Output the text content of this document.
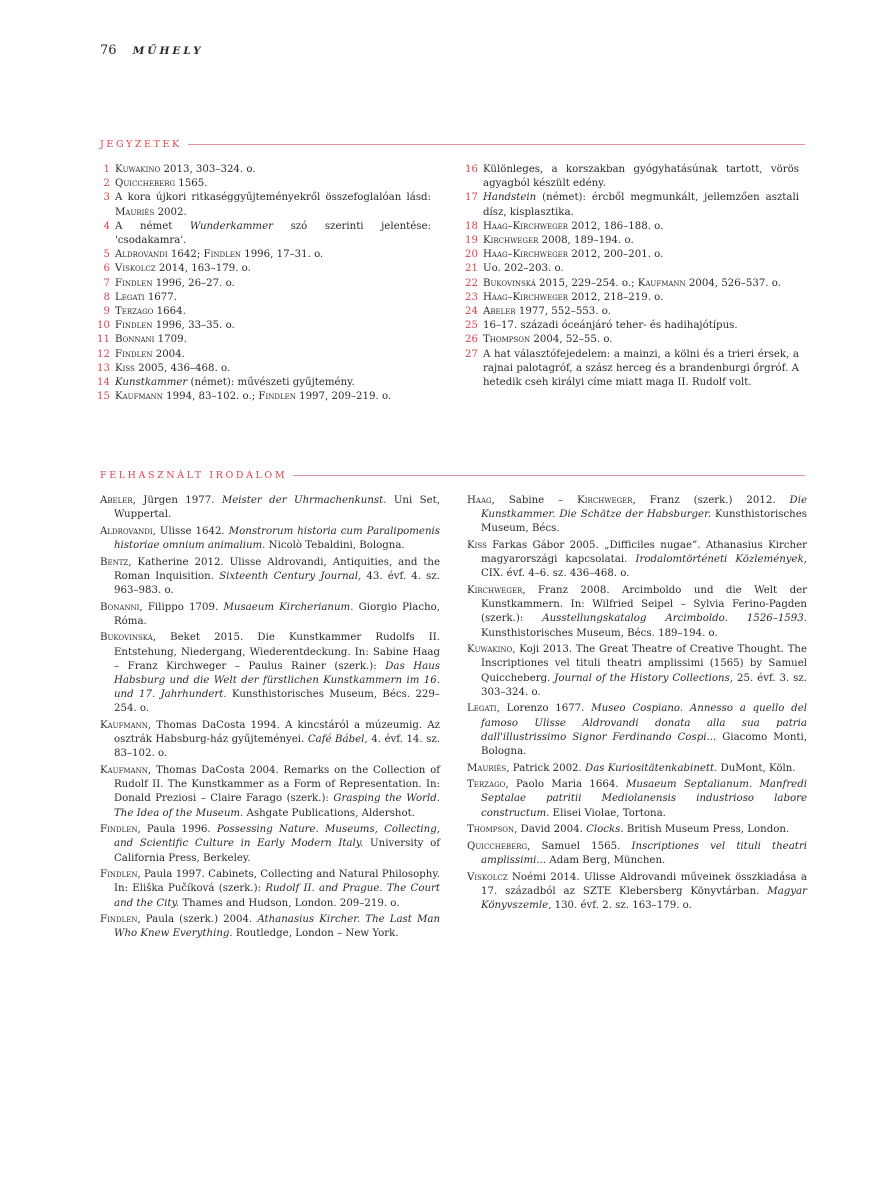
76 MŰHELY
JEGYZETEK
1 Kuwakino 2013, 303–324. o.
2 Quiccheberg 1565.
3 A kora újkori ritkaséggyűjteményekről összefoglalóan lásd: Mauriès 2002.
4 A német Wunderkammer szó szerinti jelentése: 'csodakamra'.
5 Aldrovandi 1642; Findlen 1996, 17–31. o.
6 Viskolcz 2014, 163–179. o.
7 Findlen 1996, 26–27. o.
8 Legati 1677.
9 Terzago 1664.
10 Findlen 1996, 33–35. o.
11 Bonnani 1709.
12 Findlen 2004.
13 Kiss 2005, 436–468. o.
14 Kunstkammer (német): művészeti gyűjtemény.
15 Kaufmann 1994, 83–102. o.; Findlen 1997, 209–219. o.
16 Különleges, a korszakban gyógyhatásúnak tartott, vörös agyagból készült edény.
17 Handstein (német): ércből megmunkált, jellemzően asztali dísz, kisplasztika.
18 Haag–Kirchweger 2012, 186–188. o.
19 Kirchweger 2008, 189–194. o.
20 Haag–Kirchweger 2012, 200–201. o.
21 Uo. 202–203. o.
22 Bukovinská 2015, 229–254. o.; Kaufmann 2004, 526–537. o.
23 Haag–Kirchweger 2012, 218–219. o.
24 Abeler 1977, 552–553. o.
25 16–17. századi óceánjáró teher- és hadihajótípus.
26 Thompson 2004, 52–55. o.
27 A hat választófejedelem: a mainzi, a kölni és a trieri érsek, a rajnai palotagróf, a szász herceg és a brandenburgi őrgróf. A hetedik cseh királyi címe miatt maga II. Rudolf volt.
FELHASZNÁLT IRODALOM
Abeler, Jürgen 1977. Meister der Uhrmachenkunst. Uni Set, Wuppertal.
Aldrovandi, Ulisse 1642. Monstrorum historia cum Paralipomenis historiae omnium animalium. Nicolò Tebaldini, Bologna.
Bentz, Katherine 2012. Ulisse Aldrovandi, Antiquities, and the Roman Inquisition. Sixteenth Century Journal, 43. évf. 4. sz. 963–983. o.
Bonanni, Filippo 1709. Musaeum Kircherianum. Giorgio Placho, Róma.
Bukovinská, Beket 2015. Die Kunstkammer Rudolfs II. Entstehung, Niedergang, Wiederentdeckung. In: Sabine Haag – Franz Kirchweger – Paulus Rainer (szerk.): Das Haus Habsburg und die Welt der fürstlichen Kunstkammern im 16. und 17. Jahrhundert. Kunsthistorisches Museum, Bécs. 229–254. o.
Kaufmann, Thomas DaCosta 1994. A kincstáról a múzeumig. Az osztrák Habsburg-ház gyűjteményei. Café Bábel, 4. évf. 14. sz. 83–102. o.
Kaufmann, Thomas DaCosta 2004. Remarks on the Collection of Rudolf II. The Kunstkammer as a Form of Representation. In: Donald Preziosi – Claire Farago (szerk.): Grasping the World. The Idea of the Museum. Ashgate Publications, Aldershot.
Findlen, Paula 1996. Possessing Nature. Museums, Collecting, and Scientific Culture in Early Modern Italy. University of California Press, Berkeley.
Findlen, Paula 1997. Cabinets, Collecting and Natural Philosophy. In: Eliška Pučíková (szerk.): Rudolf II. and Prague. The Court and the City. Thames and Hudson, London. 209–219. o.
Findlen, Paula (szerk.) 2004. Athanasius Kircher. The Last Man Who Knew Everything. Routledge, London – New York.
Haag, Sabine – Kirchweger, Franz (szerk.) 2012. Die Kunstkammer. Die Schätze der Habsburger. Kunsthistorisches Museum, Bécs.
Kiss Farkas Gábor 2005. „Difficiles nugae”. Athanasius Kircher magyarországi kapcsolatai. Irodalomtörténeti Közlemények, CIX. évf. 4–6. sz. 436–468. o.
Kirchweger, Franz 2008. Arcimboldo und die Welt der Kunstkammern. In: Wilfried Seipel – Sylvia Ferino-Pagden (szerk.): Ausstellungskatalog Arcimboldo. 1526–1593. Kunsthistorisches Museum, Bécs. 189–194. o.
Kuwakino, Koji 2013. The Great Theatre of Creative Thought. The Inscriptiones vel tituli theatri amplissimi (1565) by Samuel Quiccheberg. Journal of the History Collections, 25. évf. 3. sz. 303–324. o.
Legati, Lorenzo 1677. Museo Cospiano. Annesso a quello del famoso Ulisse Aldrovandi donata alla sua patria dall'illustrissimo Signor Ferdinando Cospi... Giacomo Monti, Bologna.
Mauriès, Patrick 2002. Das Kuriositätenkabinett. DuMont, Köln.
Terzago, Paolo Maria 1664. Musaeum Septalianum. Manfredi Septalae patritii Mediolanensis industrioso labore constructum. Elisei Violae, Tortona.
Thompson, David 2004. Clocks. British Museum Press, London.
Quiccheberg, Samuel 1565. Inscriptiones vel tituli theatri amplissimi... Adam Berg, München.
Viskolcz Noémi 2014. Ulisse Aldrovandi műveinek összkiadása a 17. századból az SZTE Klebersberg Könyvtárban. Magyar Könyvszemle, 130. évf. 2. sz. 163–179. o.
